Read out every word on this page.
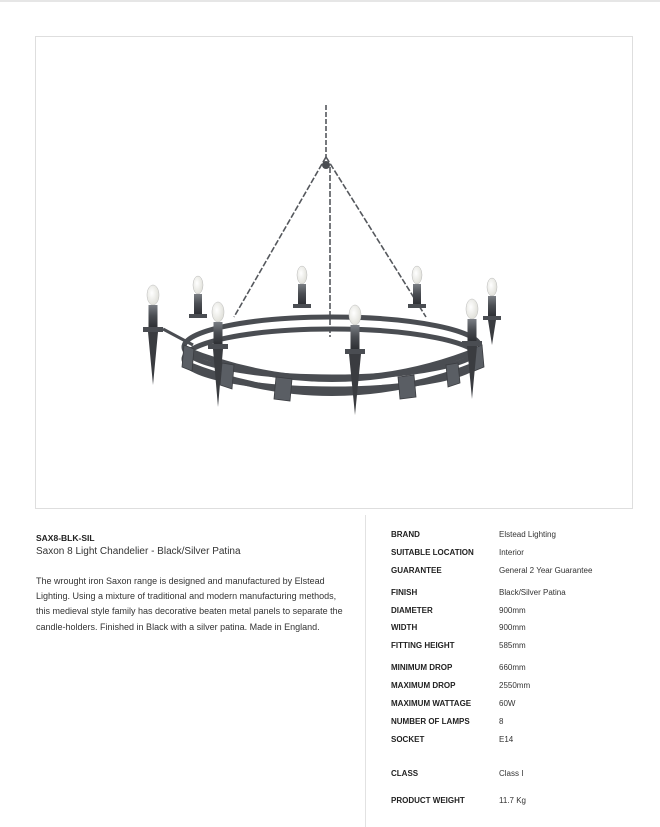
SAX8-BLK-SIL
Saxon 8 Light Chandelier - Black/Silver Patina

The wrought iron Saxon range is designed and manufactured by Elstead Lighting. Using a mixture of traditional and modern manufacturing methods, this medieval style family has decorative beaten metal panels to separate the candle-holders. Finished in Black with a silver patina. Made in England.

BRAND	Elstead Lighting
SUITABLE LOCATION	Interior
GUARANTEE	General 2 Year Guarantee
FINISH	Black/Silver Patina
DIAMETER	900mm
WIDTH	900mm
FITTING HEIGHT	585mm
MINIMUM DROP	660mm
MAXIMUM DROP	2550mm
MAXIMUM WATTAGE	60W
NUMBER OF LAMPS	8
SOCKET	E14
CLASS	Class I
PRODUCT WEIGHT	11.7 Kg
